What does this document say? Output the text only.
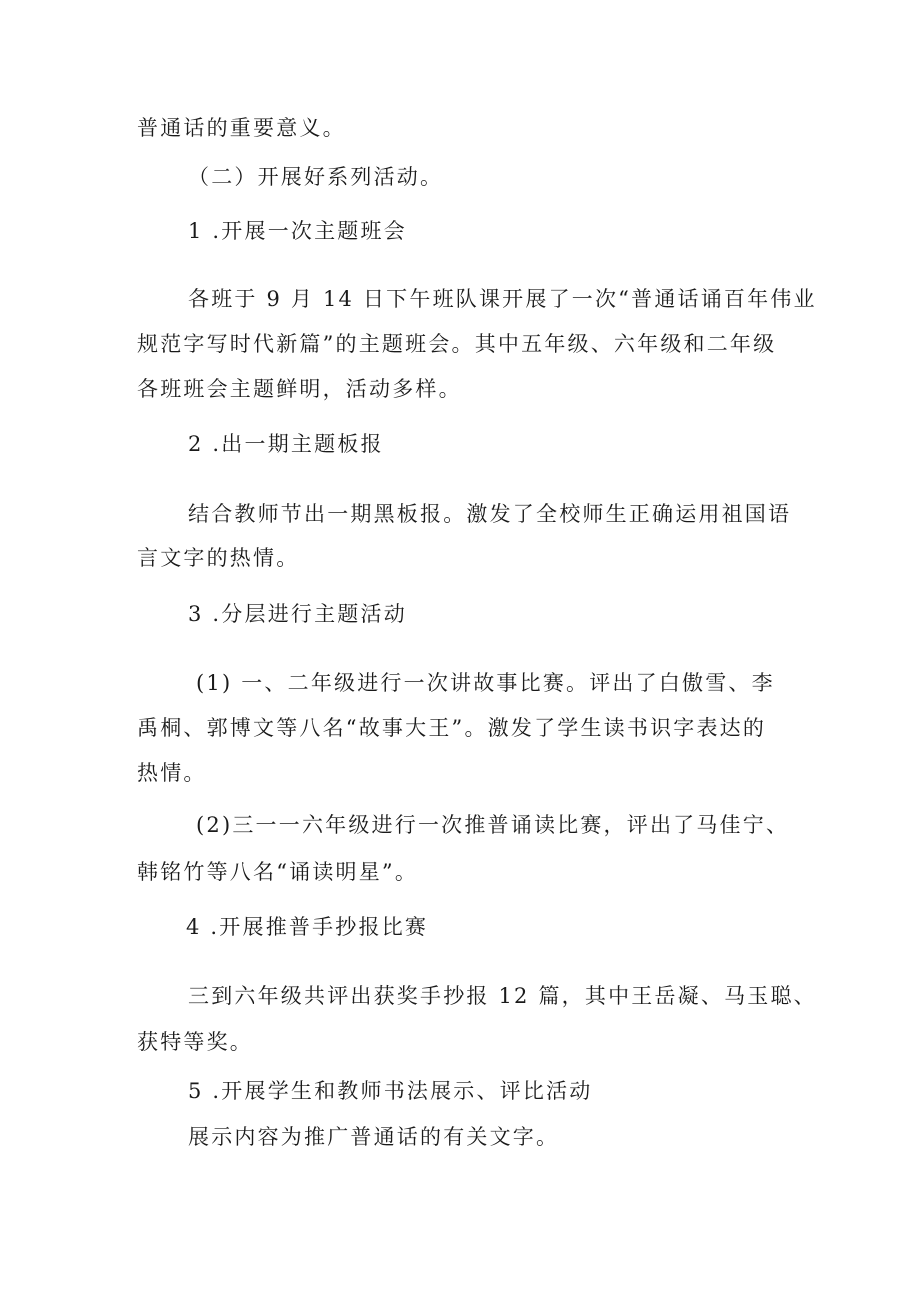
普通话的重要意义。
（二）开展好系列活动。
1 .开展一次主题班会
各班于 9 月 14 日下午班队课开展了一次“普通话诵百年伟业
规范字写时代新篇”的主题班会。其中五年级、六年级和二年级
各班班会主题鲜明，活动多样。
2 .出一期主题板报
结合教师节出一期黑板报。激发了全校师生正确运用祖国语
言文字的热情。
3 .分层进行主题活动
(1) 一、二年级进行一次讲故事比赛。评出了白傲雪、李
禹桐、郭博文等八名“故事大王”。激发了学生读书识字表达的
热情。
(2)三一一六年级进行一次推普诵读比赛，评出了马佳宁、
韩铭竹等八名“诵读明星”。
4 .开展推普手抄报比赛
三到六年级共评出获奖手抄报 12 篇，其中王岳凝、马玉聪、
获特等奖。
5 .开展学生和教师书法展示、评比活动
展示内容为推广普通话的有关文字。
